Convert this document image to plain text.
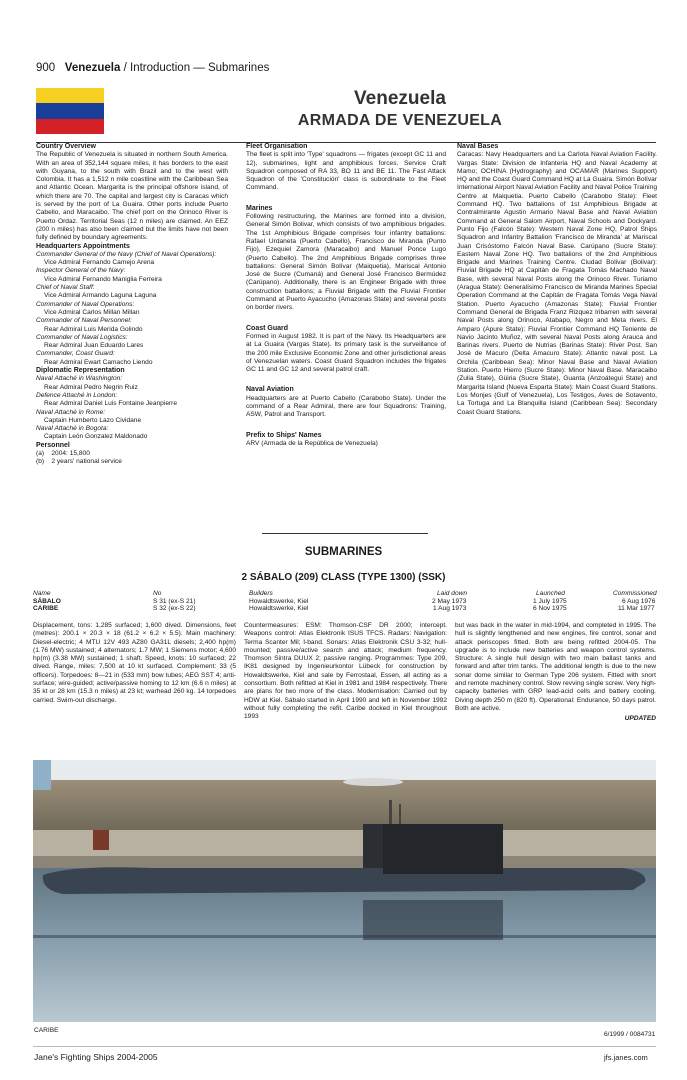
900 Venezuela / Introduction — Submarines
Venezuela
ARMADA DE VENEZUELA

Country Overview

The Republic of Venezuela is situated in northern South America. With an area of 352,144 square miles, it has borders to the east with Guyana, to the south with Brazil and to the west with Colombia. It has a 1,512 n mile coastline with the Caribbean Sea and Atlantic Ocean. Margarita is the principal offshore island, of which there are 70. The capital and largest city is Caracas which is served by the port of La Guaira. Other ports include Puerto Cabello, and Maracaibo. The chief port on the Orinoco River is Puerto Ordaz. Territorial Seas (12 n miles) are claimed. An EEZ (200 n miles) has also been claimed but the limits have not been fully defined by boundary agreements.

Headquarters Appointments

Commander General of the Navy (Chief of Naval Operations):

Vice Admiral Fernando Camejo Arena

Inspector General of the Navy:

Vice Admiral Fernando Maniglia Ferreira

Chief of Naval Staff:

Vice Admiral Armando Laguna Laguna

Commander of Naval Operations:

Vice Admiral Carlos Millan Millan

Commander of Naval Personnel:

Rear Admiral Luis Merida Golindo

Commander of Naval Logistics:

Rear Admiral Juan Eduardo Lares

Commander, Coast Guard:

Rear Admiral Ewart Camacho Liendo

Diplomatic Representation

Naval Attaché in Washington:

Rear Admiral Pedro Negrin Ruiz

Defence Attaché in London:

Rear Admiral Daniel Luis Fontaine Jeanpierre

Naval Attaché in Rome:

Captain Humberto Lazo Cividane

Naval Attaché in Bogota:

Captain León Gonzalez Maldonado

Personnel

(a) 2004: 15,800

(b) 2 years' national service

Fleet Organisation

The fleet is split into 'Type' squadrons — frigates (except GC 11 and 12), submarines, light and amphibious forces. Service Craft Squadron composed of RA 33, BO 11 and BE 11. The Fast Attack Squadron of the 'Constitución' class is subordinate to the Fleet Command.

Marines

Following restructuring, the Marines are formed into a division, General Simón Bolivar, which consists of two amphibious brigades. The 1st Amphibious Brigade comprises four infantry battalions: Rafael Urdaneta (Puerto Cabello), Francisco de Miranda (Punto Fijo), Ezequiel Zamora (Maracaibo) and Manuel Ponce Lugo (Puerto Cabello). The 2nd Amphibious Brigade comprises three battalions: General Simón Bolívar (Maiquetia), Mariscal Antonio José de Sucre (Cumaná) and General José Francisco Bermúdez (Carúpano). Additionally, there is an Engineer Brigade with three construction battalions; a Fluvial Brigade with the Fluvial Frontier Command at Puerto Ayacucho (Amazonas State) and several posts on border rivers.

Coast Guard

Formed in August 1982. It is part of the Navy. Its Headquarters are at La Guaira (Vargas State). Its primary task is the surveillance of the 200 mile Exclusive Economic Zone and other jurisdictional areas of Venezuelan waters. Coast Guard Squadron includes the frigates GC 11 and GC 12 and several patrol craft.

Naval Aviation

Headquarters are at Puerto Cabello (Carabobo State). Under the command of a Rear Admiral, there are four Squadrons: Training, ASW, Patrol and Transport.

Prefix to Ships' Names

ARV (Armada de la República de Venezuela)

Naval Bases

Caracas: Navy Headquarters and La Carlota Naval Aviation Facility. Vargas State: Division de Infanteria HQ and Naval Academy at Mamo; OCHINA (Hydrography) and OCAMAR (Marines Support) HQ and the Coast Guard Command HQ at La Guaira. Simón Bolívar International Airport Naval Aviation Facility and Naval Police Training Centre at Maiquetia. Puerto Cabello (Carabobo State): Fleet Command HQ. Two battalions of 1st Amphibious Brigade at Contralmirante Agustin Armario Naval Base and Naval Aviation Command at General Salom Airport, Naval Schools and Dockyard. Punto Fijo (Falcón State): Western Naval Zone HQ, Patrol Ships Squadron and Infantry Battalion 'Francisco de Miranda' at Mariscal Juan Crisóstomo Falcón Naval Base. Carúpano (Sucre State): Eastern Naval Zone HQ. Two battalions of the 2nd Amphibious Brigade and Marines Training Centre. Ciudad Bolivar (Bolivar): Fluvial Brigade HQ at Capitán de Fragata Tomás Machado Naval Base, with several Naval Posts along the Orinoco River. Turiamo (Aragua State): Generalísimo Francisco de Miranda Marines Special Operation Command at the Capitán de Fragata Tomás Vega Naval Station. Puerto Ayacucho (Amazonas State): Fluvial Frontier Command General de Brigada Franz Rizquez Iribarren with several Naval Posts along Orinoco, Atabapo, Negro and Meta rivers. El Amparo (Apure State): Fluvial Frontier Command HQ Teniente de Navio Jacinto Muñoz, with several Naval Posts along Arauca and Barinas rivers. Puerto de Nutrias (Barinas State): River Post. San José de Macuro (Delta Amacuro State): Atlantic naval post. La Orchila (Caribbean Sea): Minor Naval Base and Naval Aviation Station. Puerto Hierro (Sucre State): Minor Naval Base. Maracaibo (Zulia State), Güiria (Sucre State), Guanta (Anzoátegui State) and Margarita Island (Nueva Esparta State): Main Coast Guard Stations. Los Monjes (Gulf of Venezuela), Los Testigos, Aves de Sotavento, La Tortuga and La Blanquilla Island (Caribbean Sea): Secondary Coast Guard Stations.

SUBMARINES
2 SÁBALO (209) CLASS (TYPE 1300) (SSK)
Name	No	Builders	Laid down	Launched	Commissioned
SÁBALO	S 31 (ex-S 21)	Howaldtswerke, Kiel	2 May 1973	1 July 1975	6 Aug 1976
CARIBE	S 32 (ex-S 22)	Howaldtswerke, Kiel	1 Aug 1973	6 Nov 1975	11 Mar 1977
Displacement, tons: 1,285 surfaced; 1,600 dived. Dimensions, feet (metres): 200.1 × 20.3 × 18 (61.2 × 6.2 × 5.5). Main machinery: Diesel-electric; 4 MTU 12V 493 AZ80 GA31L diesels; 2,400 hp(m) (1.76 MW) sustained; 4 alternators; 1.7 MW; 1 Siemens motor; 4,600 hp(m) (3.38 MW) sustained; 1 shaft. Speed, knots: 10 surfaced; 22 dived. Range, miles: 7,500 at 10 kt surfaced. Complement: 33 (5 officers). Torpedoes: 8—21 in (533 mm) bow tubes; AEG SST 4; anti-surface; wire-guided; active/passive homing to 12 km (6.6 n miles) at 35 kt or 28 km (15.3 n miles) at 23 kt; warhead 260 kg. 14 torpedoes carried. Swim-out discharge.
Countermeasures: ESM: Thomson-CSF DR 2000; intercept. Weapons control: Atlas Elektronik ISUS TFCS. Radars: Navigation: Terma Scanter Mil; I-band. Sonars: Atlas Elektronik CSU 3-32; hull-mounted; passive/active search and attack; medium frequency. Thomson Sintra DUUX 2; passive ranging. Programmes: Type 209, IK81 designed by Ingenieurkontor Lübeck for construction by Howaldtswerke, Kiel and sale by Ferrostaal, Essen, all acting as a consortium. Both refitted at Kiel in 1981 and 1984 respectively. There are plans for two more of the class. Modernisation: Carried out by HDW at Kiel. Sábalo started in April 1990 and left in November 1992 without fully completing the refit. Caribe docked in Kiel throughout 1993
but was back in the water in mid-1994, and completed in 1995. The hull is slightly lengthened and new engines, fire control, sonar and attack periscopes fitted. Both are being refitted 2004-05. The upgrade is to include new batteries and weapon control systems. Structure: A single hull design with two main ballast tanks and forward and after trim tanks. The additional length is due to the new sonar dome similar to German Type 206 system. Fitted with snort and remote machinery control. Slow revving single screw. Very high-capacity batteries with GRP lead-acid cells and battery cooling. Diving depth 250 m (820 ft). Operational: Endurance, 50 days patrol. Both are active.
UPDATED
CARIBE
6/1999 / 0084731
Jane's Fighting Ships 2004-2005	jfs.janes.com
